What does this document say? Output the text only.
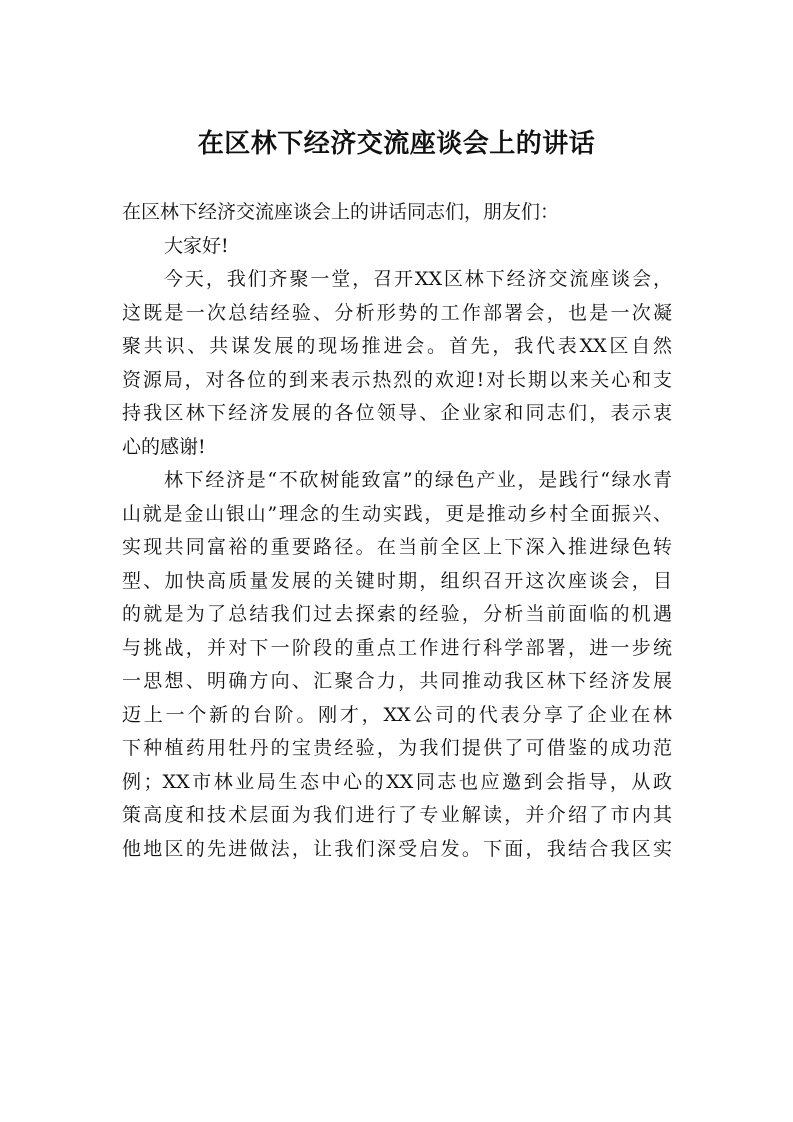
在区林下经济交流座谈会上的讲话
在区林下经济交流座谈会上的讲话同志们，朋友们：
大家好!
今天，我们齐聚一堂，召开XX区林下经济交流座谈会，
这既是一次总结经验、分析形势的工作部署会，也是一次凝
聚共识、共谋发展的现场推进会。首先，我代表XX区自然
资源局，对各位的到来表示热烈的欢迎!对长期以来关心和支
持我区林下经济发展的各位领导、企业家和同志们，表示衷
心的感谢!
林下经济是“不砍树能致富”的绿色产业，是践行“绿水青
山就是金山银山”理念的生动实践，更是推动乡村全面振兴、
实现共同富裕的重要路径。在当前全区上下深入推进绿色转
型、加快高质量发展的关键时期，组织召开这次座谈会，目
的就是为了总结我们过去探索的经验，分析当前面临的机遇
与挑战，并对下一阶段的重点工作进行科学部署，进一步统
一思想、明确方向、汇聚合力，共同推动我区林下经济发展
迈上一个新的台阶。刚才，XX公司的代表分享了企业在林
下种植药用牡丹的宝贵经验，为我们提供了可借鉴的成功范
例；XX市林业局生态中心的XX同志也应邀到会指导，从政
策高度和技术层面为我们进行了专业解读，并介绍了市内其
他地区的先进做法，让我们深受启发。下面，我结合我区实
